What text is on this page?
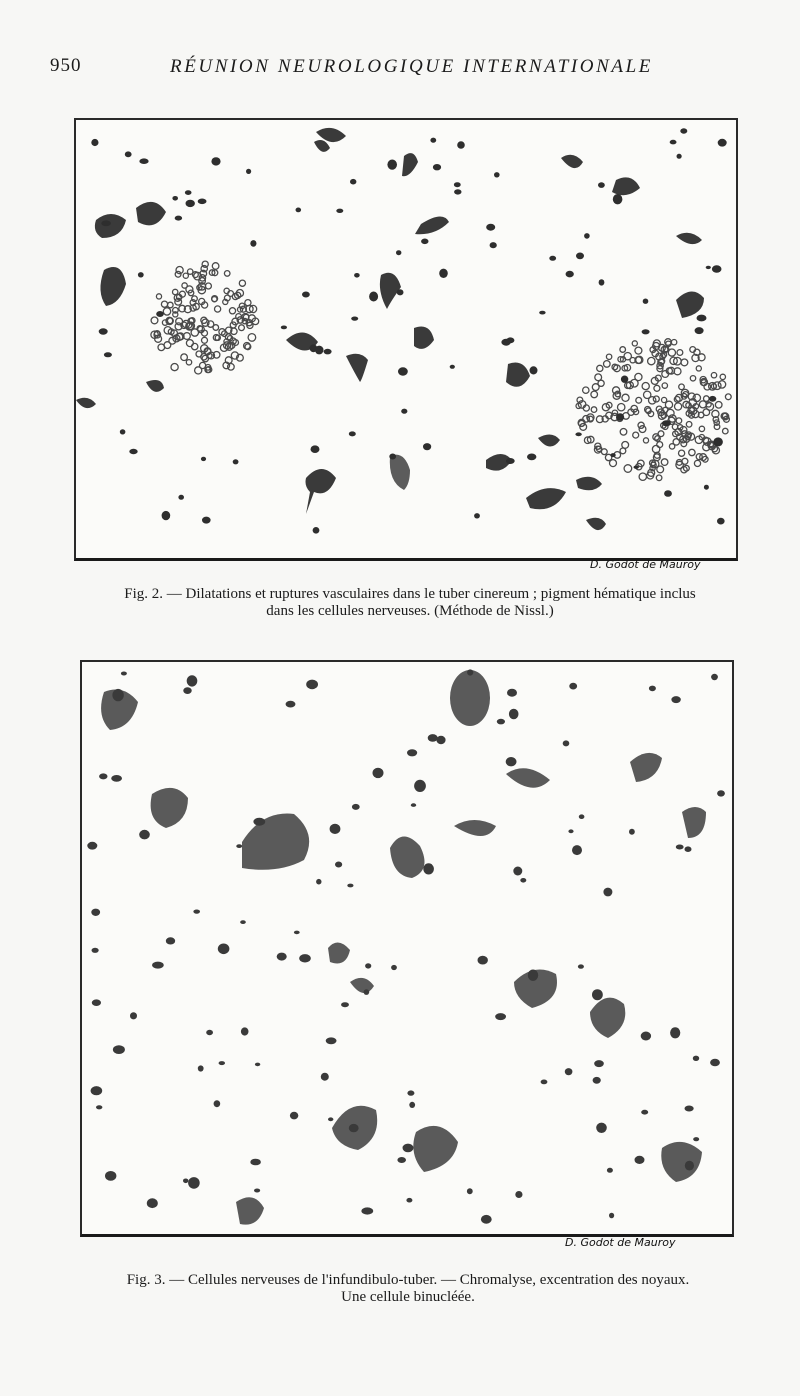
950	RÉUNION NEUROLOGIQUE INTERNATIONALE
D. Godot de Mauroy
Fig. 2. — Dilatations et ruptures vasculaires dans le tuber cinereum ; pigment hématique inclus
dans les cellules nerveuses. (Méthode de Nissl.)
D. Godot de Mauroy
Fig. 3. — Cellules nerveuses de l'infundibulo-tuber. — Chromalyse, excentration des noyaux.
Une cellule binucléée.
